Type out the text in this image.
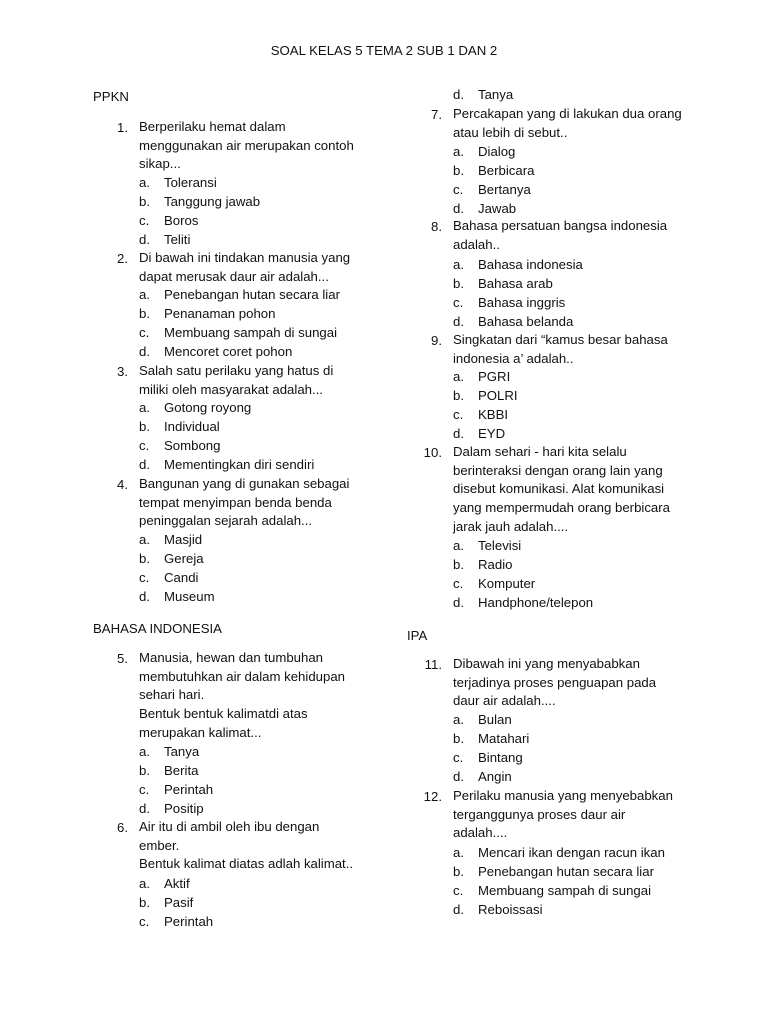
SOAL KELAS 5 TEMA 2 SUB 1 DAN 2
PPKN
BAHASA INDONESIA	IPA
1. Berperilaku hemat dalam
menggunakan air merupakan contoh
sikap...
a. Toleransi
b. Tanggung jawab
c. Boros
d. Teliti
2. Di bawah ini tindakan manusia yang
dapat merusak daur air adalah...
a. Penebangan hutan secara liar
b. Penanaman pohon
c. Membuang sampah di sungai
d. Mencoret coret pohon
3. Salah satu perilaku yang hatus di
miliki oleh masyarakat adalah...
a. Gotong royong
b. Individual
c. Sombong
d. Mementingkan diri sendiri
4. Bangunan yang di gunakan sebagai
tempat menyimpan benda benda
peninggalan sejarah adalah...
a. Masjid
b. Gereja
c. Candi
d. Museum
5. Manusia, hewan dan tumbuhan
membutuhkan air dalam kehidupan
sehari hari.
Bentuk bentuk kalimatdi atas
merupakan kalimat...
a. Tanya
b. Berita
c. Perintah
d. Positip
6. Air itu di ambil oleh ibu dengan
ember.
Bentuk kalimat diatas adlah kalimat..
a. Aktif
b. Pasif
c. Perintah
d. Tanya
7. Percakapan yang di lakukan dua orang
atau lebih di sebut..
a. Dialog
b. Berbicara
c. Bertanya
d. Jawab
8. Bahasa persatuan bangsa indonesia
adalah..
a. Bahasa indonesia
b. Bahasa arab
c. Bahasa inggris
d. Bahasa belanda
9. Singkatan dari “kamus besar bahasa
indonesia a’ adalah..
a. PGRI
b. POLRI
c. KBBI
d. EYD
10. Dalam sehari - hari kita selalu
berinteraksi dengan orang lain yang
disebut komunikasi. Alat komunikasi
yang mempermudah orang berbicara
jarak jauh adalah....
a. Televisi
b. Radio
c. Komputer
d. Handphone/telepon
11. Dibawah ini yang menyababkan
terjadinya proses penguapan pada
daur air adalah....
a. Bulan
b. Matahari
c. Bintang
d. Angin
12. Perilaku manusia yang menyebabkan
terganggunya proses daur air
adalah....
a. Mencari ikan dengan racun ikan
b. Penebangan hutan secara liar
c. Membuang sampah di sungai
d. Reboissasi
